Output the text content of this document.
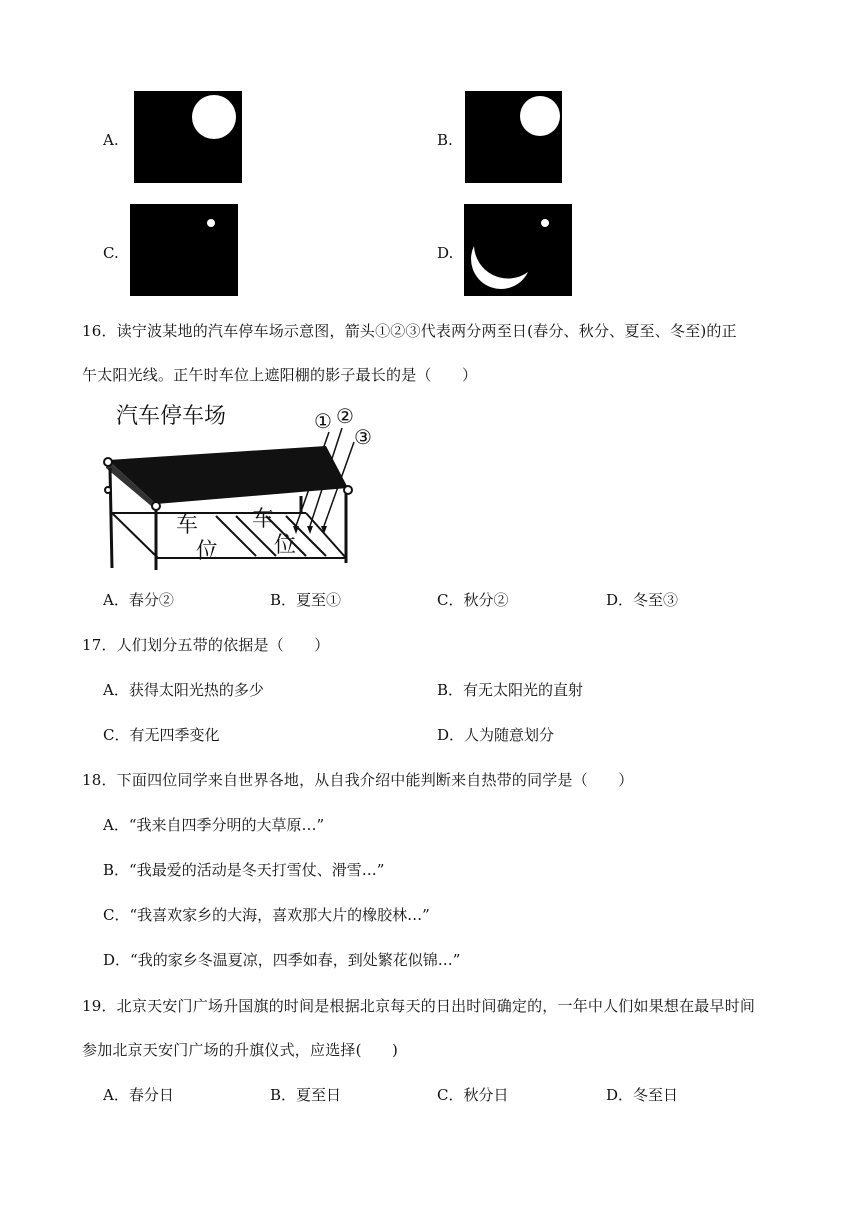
A.	B.
C.	D.
16．读宁波某地的汽车停车场示意图，箭头①②③代表两分两至日(春分、秋分、夏至、冬至)的正
午太阳光线。正午时车位上遮阳棚的影子最长的是（　　）
汽车停车场	① ②
③
车
位
车
位
A．春分②	B．夏至①	C．秋分②	D．冬至③
17．人们划分五带的依据是（　　）
A．获得太阳光热的多少	B．有无太阳光的直射
C．有无四季变化	D．人为随意划分
18．下面四位同学来自世界各地，从自我介绍中能判断来自热带的同学是（　　）
A．“我来自四季分明的大草原…”
B．“我最爱的活动是冬天打雪仗、滑雪…”
C．“我喜欢家乡的大海，喜欢那大片的橡胶林…”
D．“我的家乡冬温夏凉，四季如春，到处繁花似锦…”
19．北京天安门广场升国旗的时间是根据北京每天的日出时间确定的，一年中人们如果想在最早时间
参加北京天安门广场的升旗仪式，应选择(　　)
A．春分日	B．夏至日	C．秋分日	D．冬至日
